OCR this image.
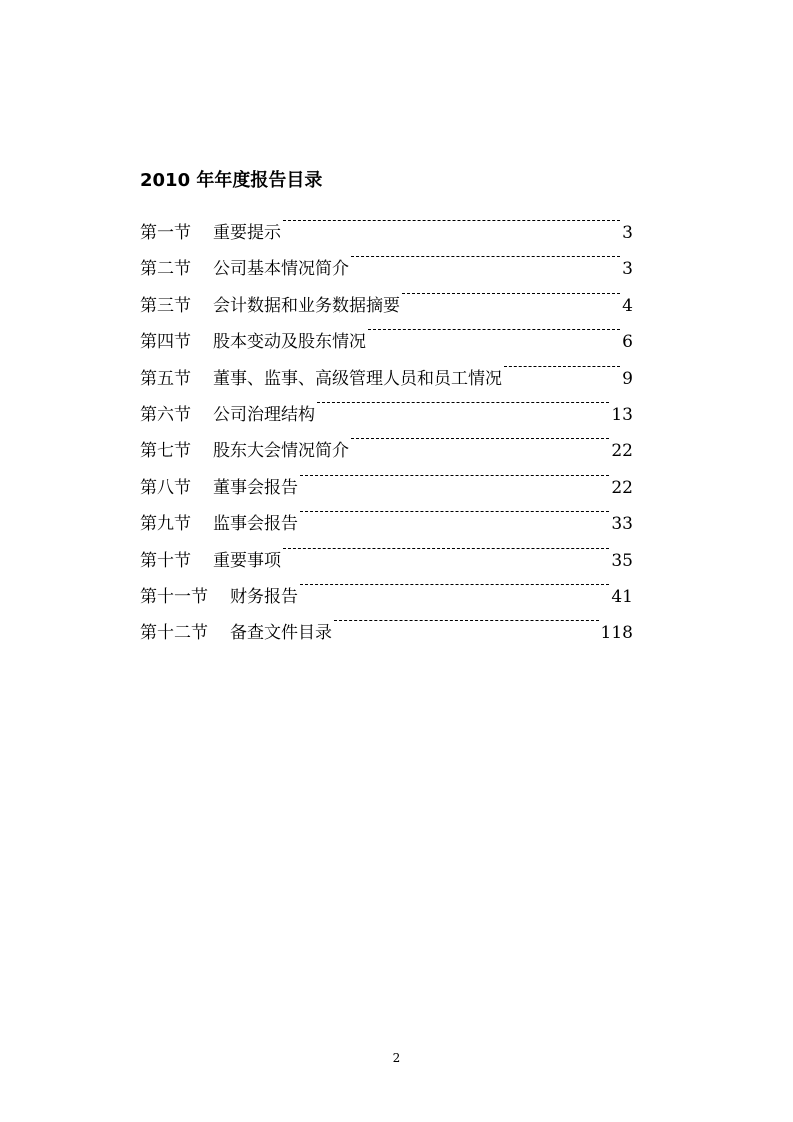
2010 年年度报告目录
第一节 重要提示	3
第二节 公司基本情况简介	3
第三节 会计数据和业务数据摘要	4
第四节 股本变动及股东情况	6
第五节 董事、监事、高级管理人员和员工情况	9
第六节 公司治理结构	13
第七节 股东大会情况简介	22
第八节 董事会报告	22
第九节 监事会报告	33
第十节 重要事项	35
第十一节 财务报告	41
第十二节 备查文件目录	118
2
